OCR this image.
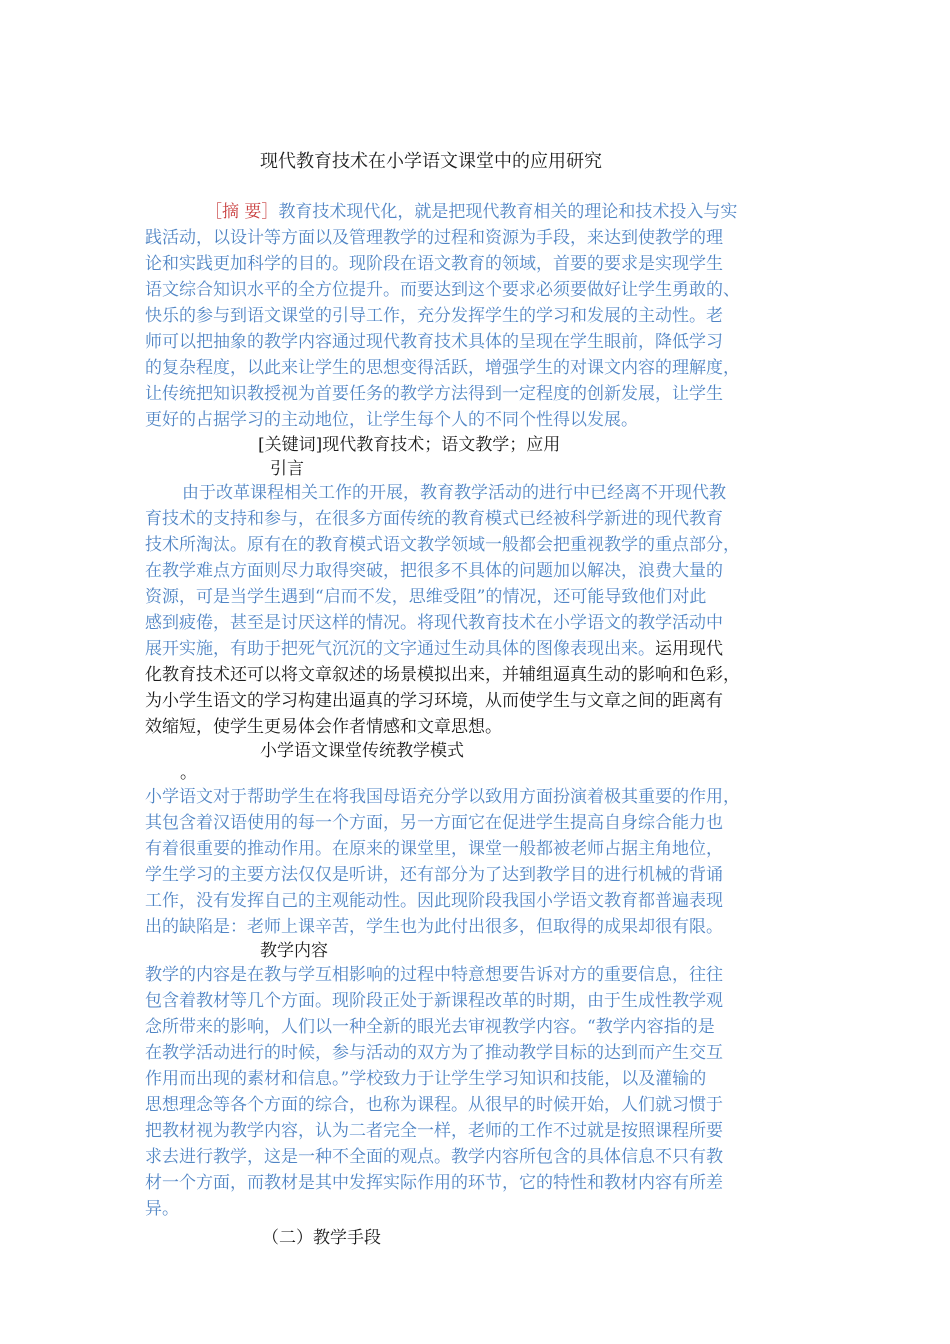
现代教育技术在小学语文课堂中的应用研究
［摘 要］教育技术现代化，就是把现代教育相关的理论和技术投入与实
践活动，以设计等方面以及管理教学的过程和资源为手段，来达到使教学的理
论和实践更加科学的目的。现阶段在语文教育的领域，首要的要求是实现学生
语文综合知识水平的全方位提升。而要达到这个要求必须要做好让学生勇敢的、
快乐的参与到语文课堂的引导工作，充分发挥学生的学习和发展的主动性。老
师可以把抽象的教学内容通过现代教育技术具体的呈现在学生眼前，降低学习
的复杂程度，以此来让学生的思想变得活跃，增强学生的对课文内容的理解度，
让传统把知识教授视为首要任务的教学方法得到一定程度的创新发展，让学生
更好的占据学习的主动地位，让学生每个人的不同个性得以发展。
[关键词]现代教育技术；语文教学；应用
引言
由于改革课程相关工作的开展，教育教学活动的进行中已经离不开现代教
育技术的支持和参与，在很多方面传统的教育模式已经被科学新进的现代教育
技术所淘汰。原有在的教育模式语文教学领域一般都会把重视教学的重点部分，
在教学难点方面则尽力取得突破，把很多不具体的问题加以解决，浪费大量的
资源，可是当学生遇到“启而不发，思维受阻”的情况，还可能导致他们对此
感到疲倦，甚至是讨厌这样的情况。将现代教育技术在小学语文的教学活动中
展开实施，有助于把死气沉沉的文字通过生动具体的图像表现出来。运用现代
化教育技术还可以将文章叙述的场景模拟出来，并辅组逼真生动的影响和色彩，
为小学生语文的学习构建出逼真的学习环境，从而使学生与文章之间的距离有
效缩短，使学生更易体会作者情感和文章思想。
小学语文课堂传统教学模式
。
小学语文对于帮助学生在将我国母语充分学以致用方面扮演着极其重要的作用，
其包含着汉语使用的每一个方面，另一方面它在促进学生提高自身综合能力也
有着很重要的推动作用。在原来的课堂里，课堂一般都被老师占据主角地位，
学生学习的主要方法仅仅是听讲，还有部分为了达到教学目的进行机械的背诵
工作，没有发挥自己的主观能动性。因此现阶段我国小学语文教育都普遍表现
出的缺陷是：老师上课辛苦，学生也为此付出很多，但取得的成果却很有限。
教学内容
教学的内容是在教与学互相影响的过程中特意想要告诉对方的重要信息，往往
包含着教材等几个方面。现阶段正处于新课程改革的时期，由于生成性教学观
念所带来的影响，人们以一种全新的眼光去审视教学内容。“教学内容指的是
在教学活动进行的时候，参与活动的双方为了推动教学目标的达到而产生交互
作用而出现的素材和信息。”学校致力于让学生学习知识和技能，以及灌输的
思想理念等各个方面的综合，也称为课程。从很早的时候开始，人们就习惯于
把教材视为教学内容，认为二者完全一样，老师的工作不过就是按照课程所要
求去进行教学，这是一种不全面的观点。教学内容所包含的具体信息不只有教
材一个方面，而教材是其中发挥实际作用的环节，它的特性和教材内容有所差
异。
（二）教学手段
